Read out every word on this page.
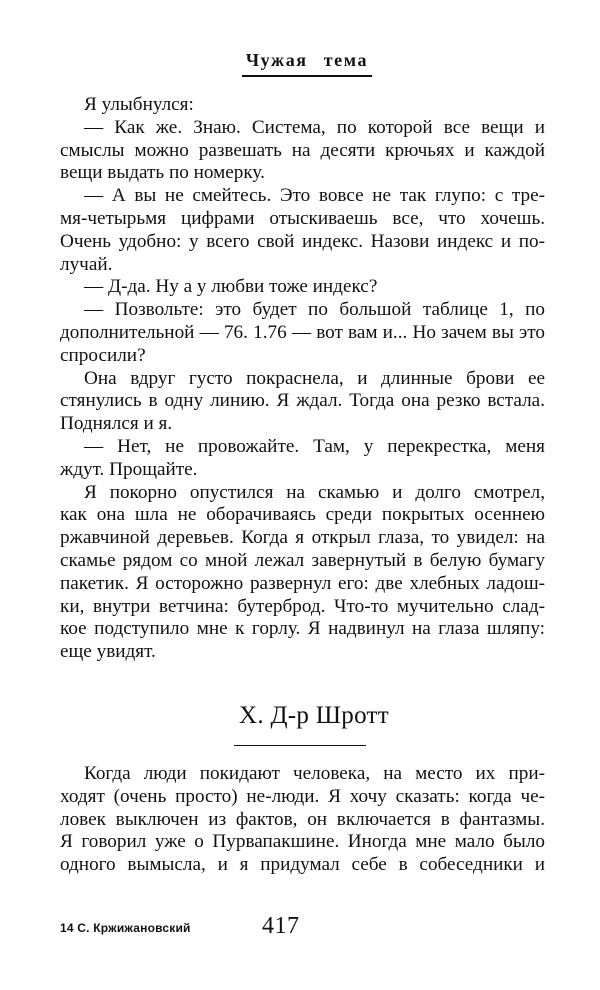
Чужая тема
Я улыбнулся:
— Как же. Знаю. Система, по которой все вещи и
смыслы можно развешать на десяти крючьях и каждой
вещи выдать по номерку.
— А вы не смейтесь. Это вовсе не так глупо: с тре-
мя-четырьмя цифрами отыскиваешь все, что хочешь.
Очень удобно: у всего свой индекс. Назови индекс и по-
лучай.
— Д-да. Ну а у любви тоже индекс?
— Позвольте: это будет по большой таблице 1, по
дополнительной — 76. 1.76 — вот вам и... Но зачем вы это
спросили?
Она вдруг густо покраснела, и длинные брови ее
стянулись в одну линию. Я ждал. Тогда она резко встала.
Поднялся и я.
— Нет, не провожайте. Там, у перекрестка, меня
ждут. Прощайте.
Я покорно опустился на скамью и долго смотрел,
как она шла не оборачиваясь среди покрытых осеннею
ржавчиной деревьев. Когда я открыл глаза, то увидел: на
скамье рядом со мной лежал завернутый в белую бумагу
пакетик. Я осторожно развернул его: две хлебных ладош-
ки, внутри ветчина: бутерброд. Что-то мучительно слад-
кое подступило мне к горлу. Я надвинул на глаза шляпу:
еще увидят.
Х. Д-р Шротт
Когда люди покидают человека, на место их при-
ходят (очень просто) не-люди. Я хочу сказать: когда че-
ловек выключен из фактов, он включается в фантазмы.
Я говорил уже о Пурвапакшине. Иногда мне мало было
одного вымысла, и я придумал себе в собеседники и
14 С. Кржижановский	417
